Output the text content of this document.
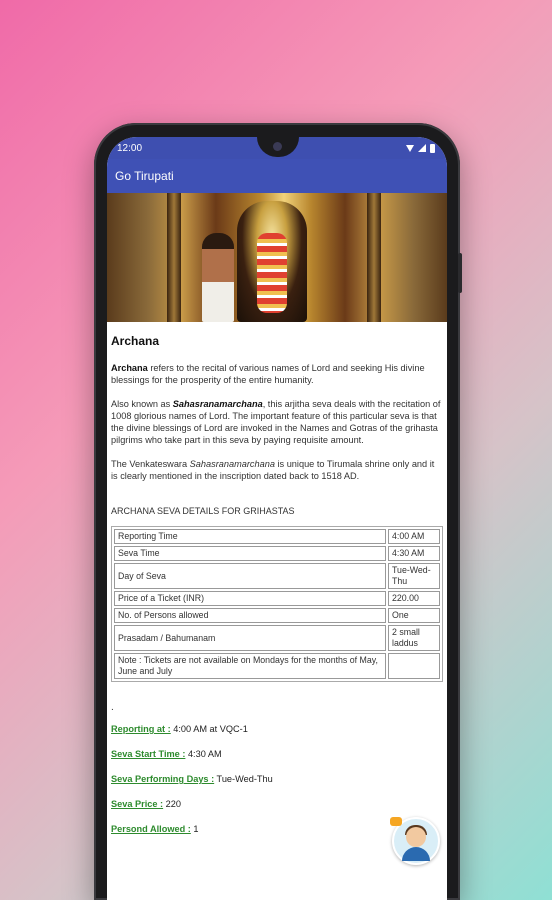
12:00
Go Tirupati
Archana

Archana refers to the recital of various names of Lord and seeking His divine blessings for the prosperity of the entire humanity.

Also known as Sahasranamarchana, this arjitha seva deals with the recitation of 1008 glorious names of Lord. The important feature of this particular seva is that the divine blessings of Lord are invoked in the Names and Gotras of the grihasta pilgrims who take part in this seva by paying requisite amount.

The Venkateswara Sahasranamarchana is unique to Tirumala shrine only and it is clearly mentioned in the inscription dated back to 1518 AD.

ARCHANA SEVA DETAILS FOR GRIHASTAS
Reporting Time	4:00 AM
Seva Time	4:30 AM
Day of Seva	Tue-Wed-Thu
Price of a Ticket (INR)	220.00
No. of Persons allowed	One
Prasadam / Bahumanam	2 small laddus
Note : Tickets are not available on Mondays for the months of May, June and July	
.
Reporting at : 4:00 AM at VQC-1
Seva Start Time : 4:30 AM
Seva Performing Days : Tue-Wed-Thu
Seva Price : 220
Persond Allowed : 1
